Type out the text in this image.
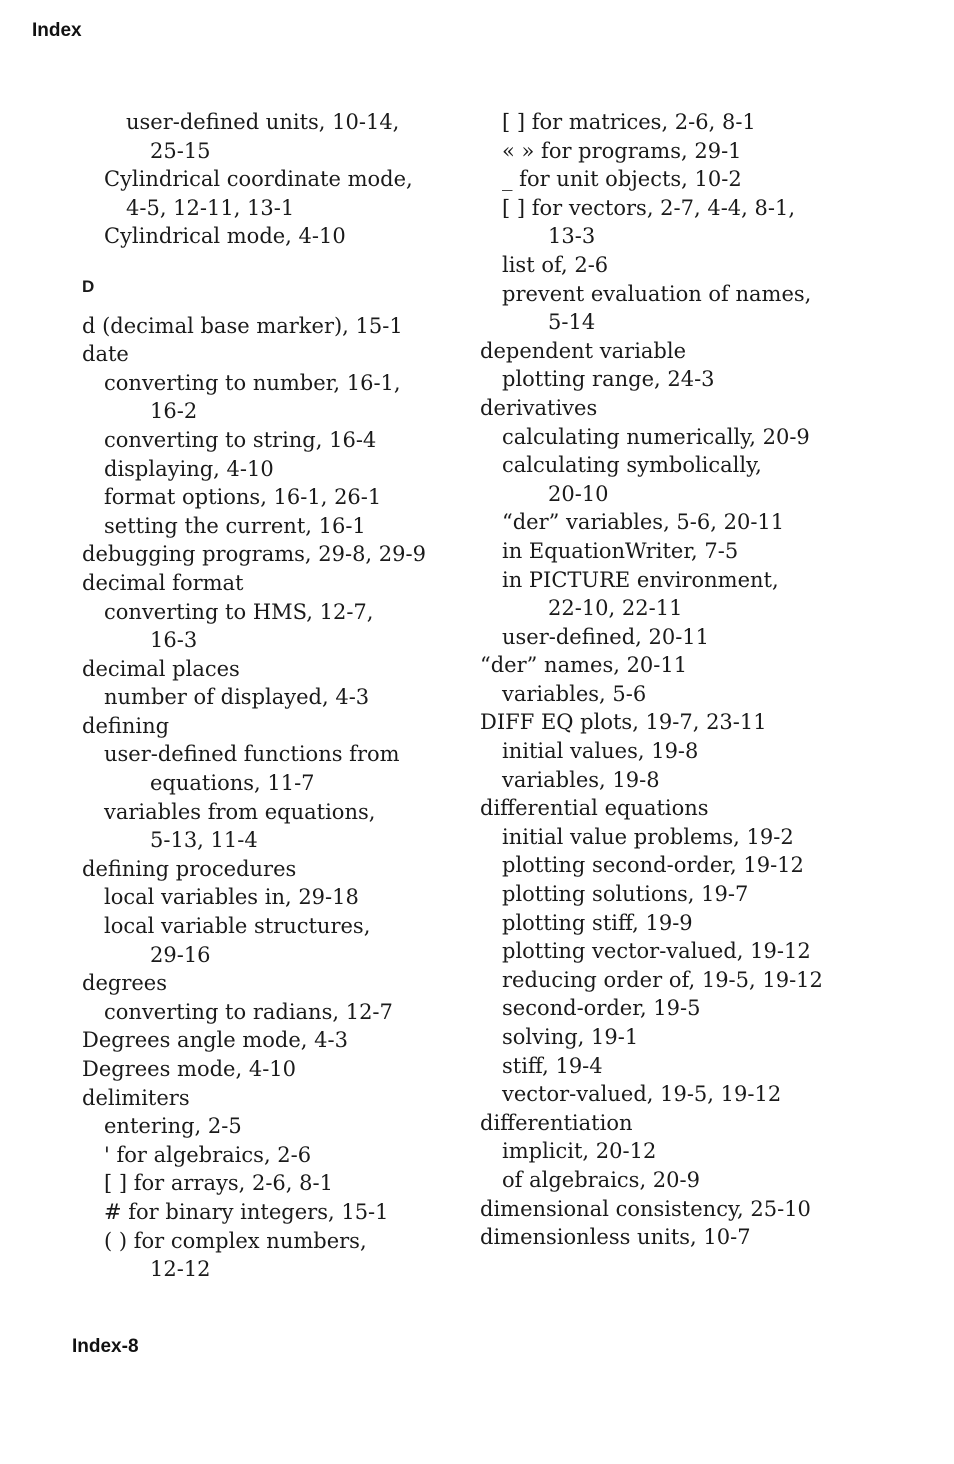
Index
user-defined units, 10-14,
25-15
Cylindrical coordinate mode,
4-5, 12-11, 13-1
Cylindrical mode, 4-10
D
d (decimal base marker), 15-1
date
converting to number, 16-1,
16-2
converting to string, 16-4
displaying, 4-10
format options, 16-1, 26-1
setting the current, 16-1
debugging programs, 29-8, 29-9
decimal format
converting to HMS, 12-7,
16-3
decimal places
number of displayed, 4-3
defining
user-defined functions from
equations, 11-7
variables from equations,
5-13, 11-4
defining procedures
local variables in, 29-18
local variable structures,
29-16
degrees
converting to radians, 12-7
Degrees angle mode, 4-3
Degrees mode, 4-10
delimiters
entering, 2-5
' for algebraics, 2-6
[ ] for arrays, 2-6, 8-1
# for binary integers, 15-1
( ) for complex numbers,
12-12
[ ] for matrices, 2-6, 8-1
« » for programs, 29-1
_ for unit objects, 10-2
[ ] for vectors, 2-7, 4-4, 8-1,
13-3
list of, 2-6
prevent evaluation of names,
5-14
dependent variable
plotting range, 24-3
derivatives
calculating numerically, 20-9
calculating symbolically,
20-10
“der” variables, 5-6, 20-11
in EquationWriter, 7-5
in PICTURE environment,
22-10, 22-11
user-defined, 20-11
“der” names, 20-11
variables, 5-6
DIFF EQ plots, 19-7, 23-11
initial values, 19-8
variables, 19-8
differential equations
initial value problems, 19-2
plotting second-order, 19-12
plotting solutions, 19-7
plotting stiff, 19-9
plotting vector-valued, 19-12
reducing order of, 19-5, 19-12
second-order, 19-5
solving, 19-1
stiff, 19-4
vector-valued, 19-5, 19-12
differentiation
implicit, 20-12
of algebraics, 20-9
dimensional consistency, 25-10
dimensionless units, 10-7
Index-8
